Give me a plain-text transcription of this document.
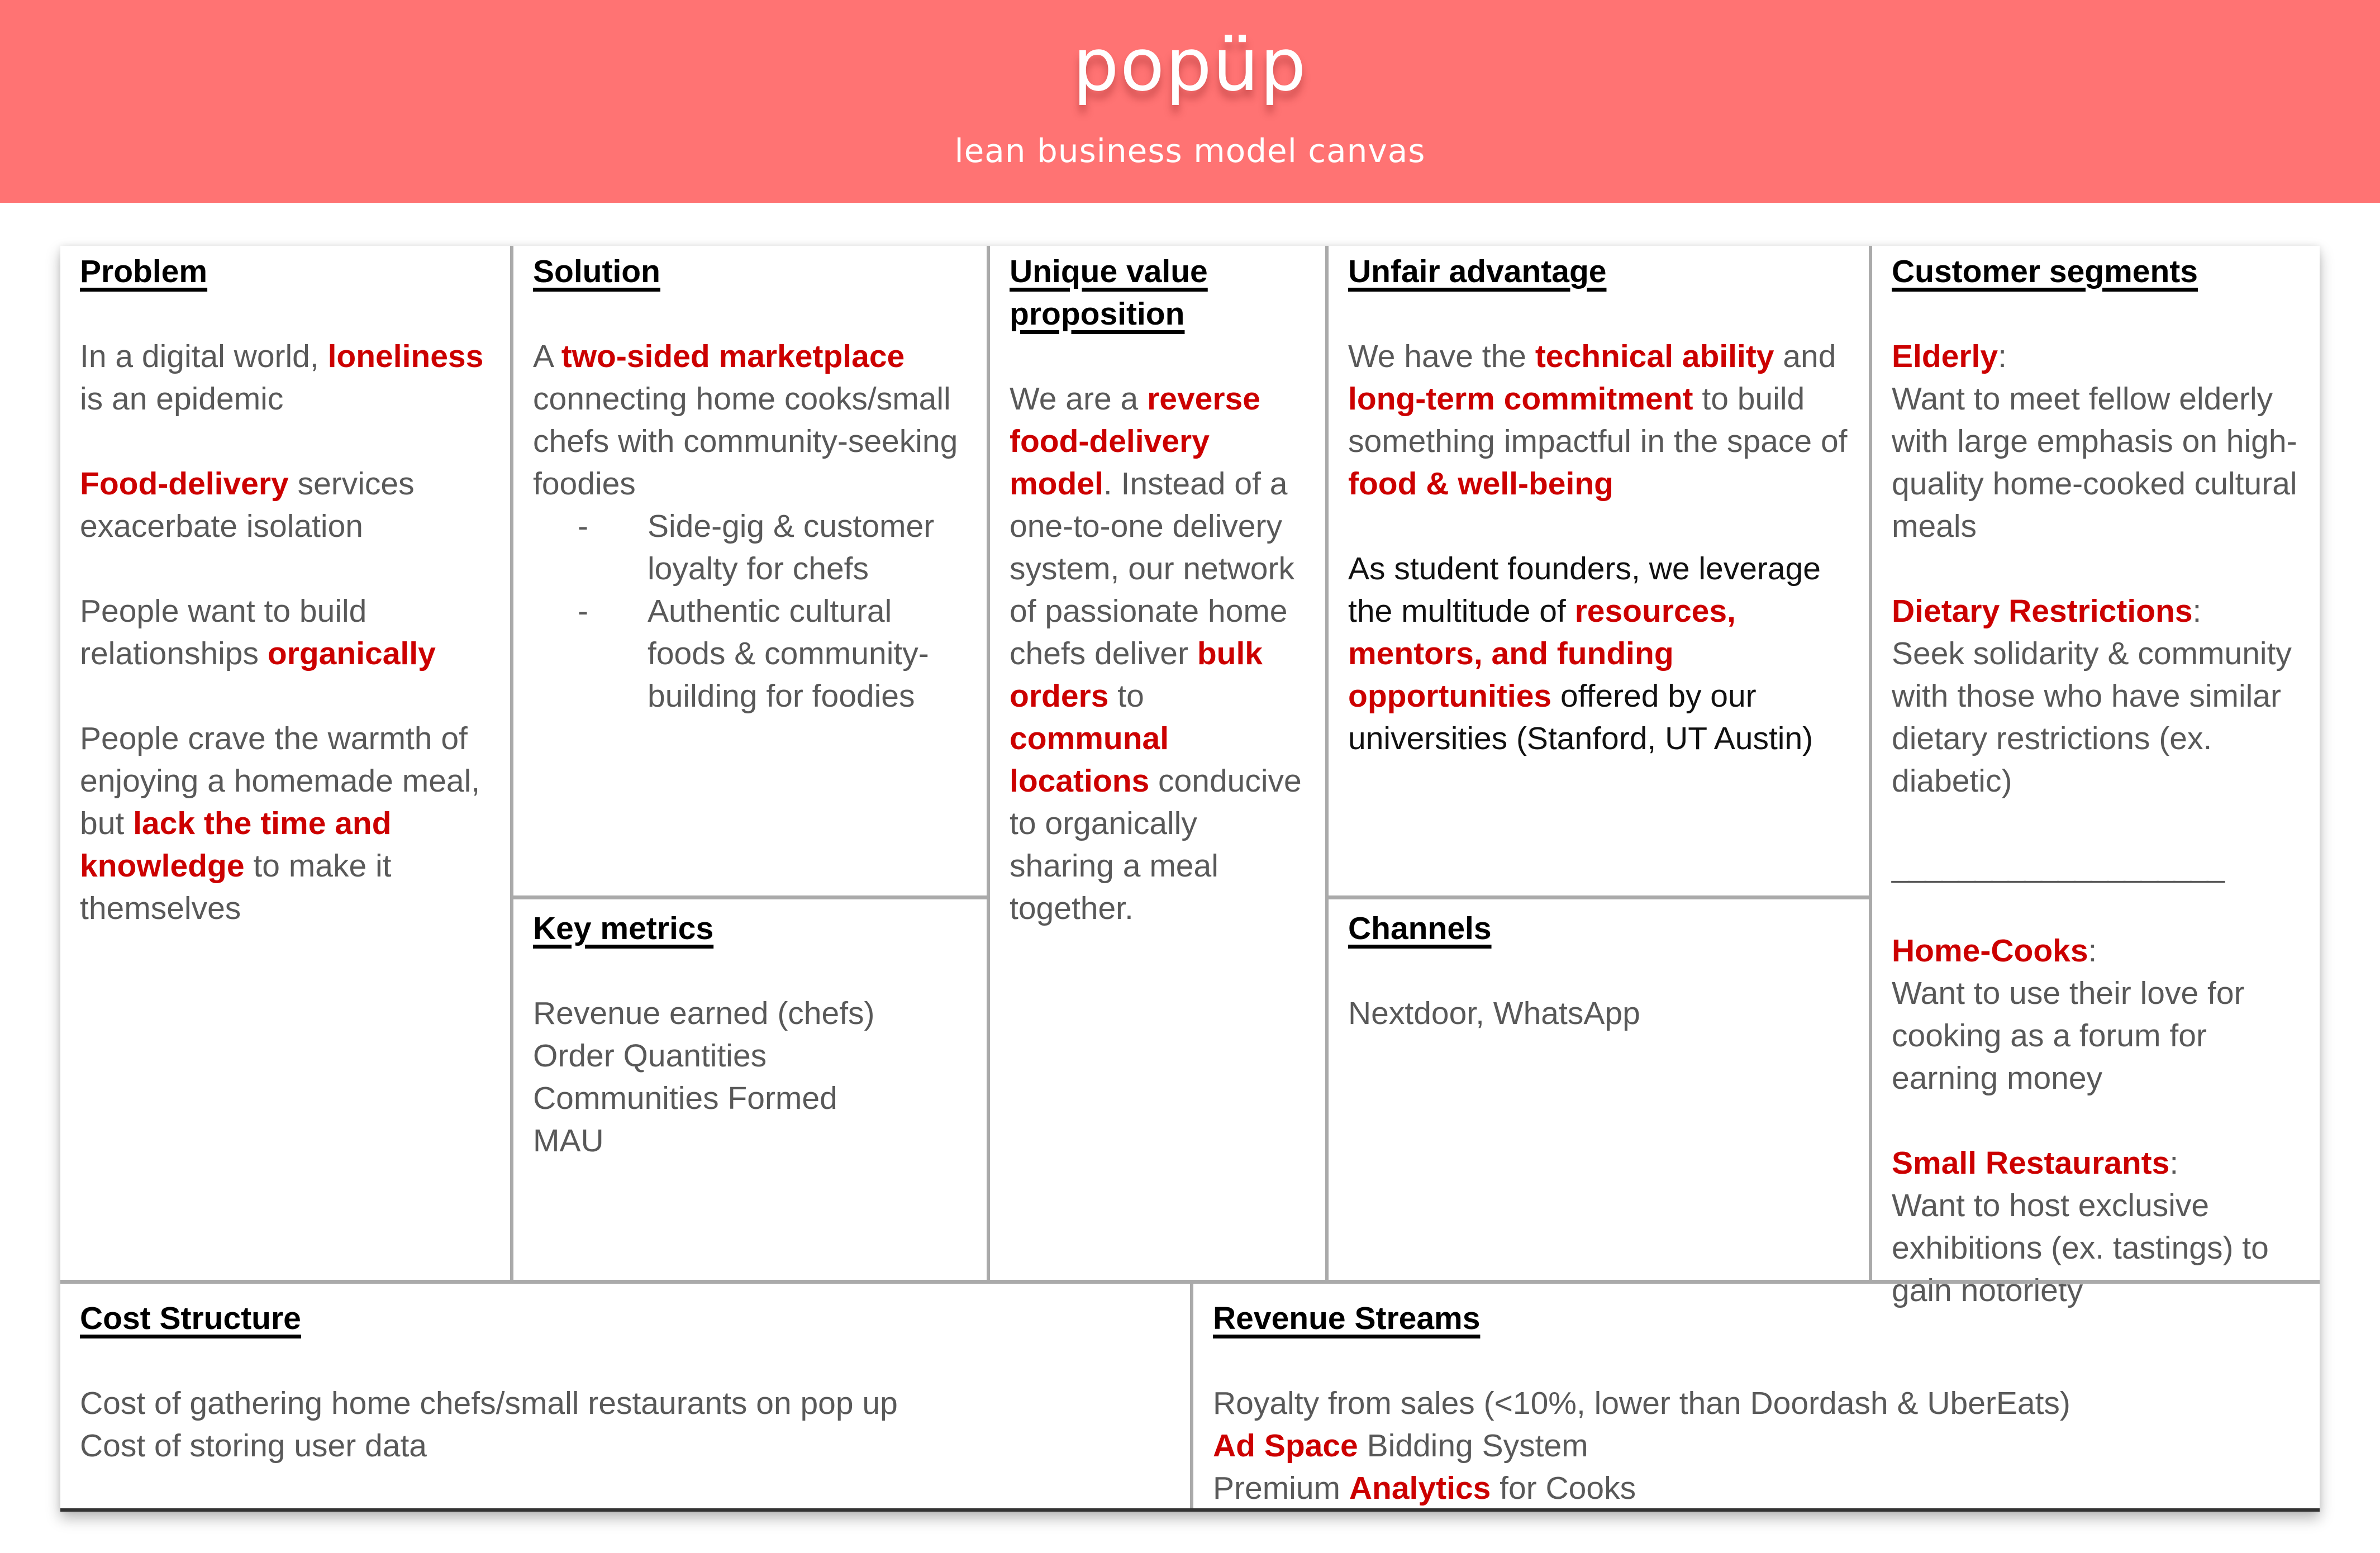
popüp
lean business model canvas
Problem

In a digital world, loneliness is an epidemic

Food-delivery services exacerbate isolation

People want to build relationships organically

People crave the warmth of enjoying a homemade meal, but lack the time and knowledge to make it themselves

Solution

A two-sided marketplace connecting home cooks/small chefs with community-seeking foodies

-	Side-gig & customer loyalty for chefs
-	Authentic cultural foods & community-building for foodies
Key metrics

Revenue earned (chefs)

Order Quantities

Communities Formed

MAU

Unique value proposition

We are a reverse food-delivery model. Instead of a one-to-one delivery system, our network of passionate home chefs deliver bulk orders to communal locations conducive to organically sharing a meal together.

Unfair advantage

We have the technical ability and long-term commitment to build something impactful in the space of food & well-being

As student founders, we leverage the multitude of resources, mentors, and funding opportunities offered by our universities (Stanford, UT Austin)

Channels

Nextdoor, WhatsApp

Customer segments

Elderly:

Want to meet fellow elderly with large emphasis on high-quality home-cooked cultural meals

Dietary Restrictions:

Seek solidarity & community with those who have similar dietary restrictions (ex. diabetic)

____________________

Home-Cooks:

Want to use their love for cooking as a forum for earning money

Small Restaurants:

Want to host exclusive exhibitions (ex. tastings) to gain notoriety

Cost Structure

Cost of gathering home chefs/small restaurants on pop up

Cost of storing user data

Revenue Streams

Royalty from sales (<10%, lower than Doordash & UberEats)

Ad Space Bidding System

Premium Analytics for Cooks
